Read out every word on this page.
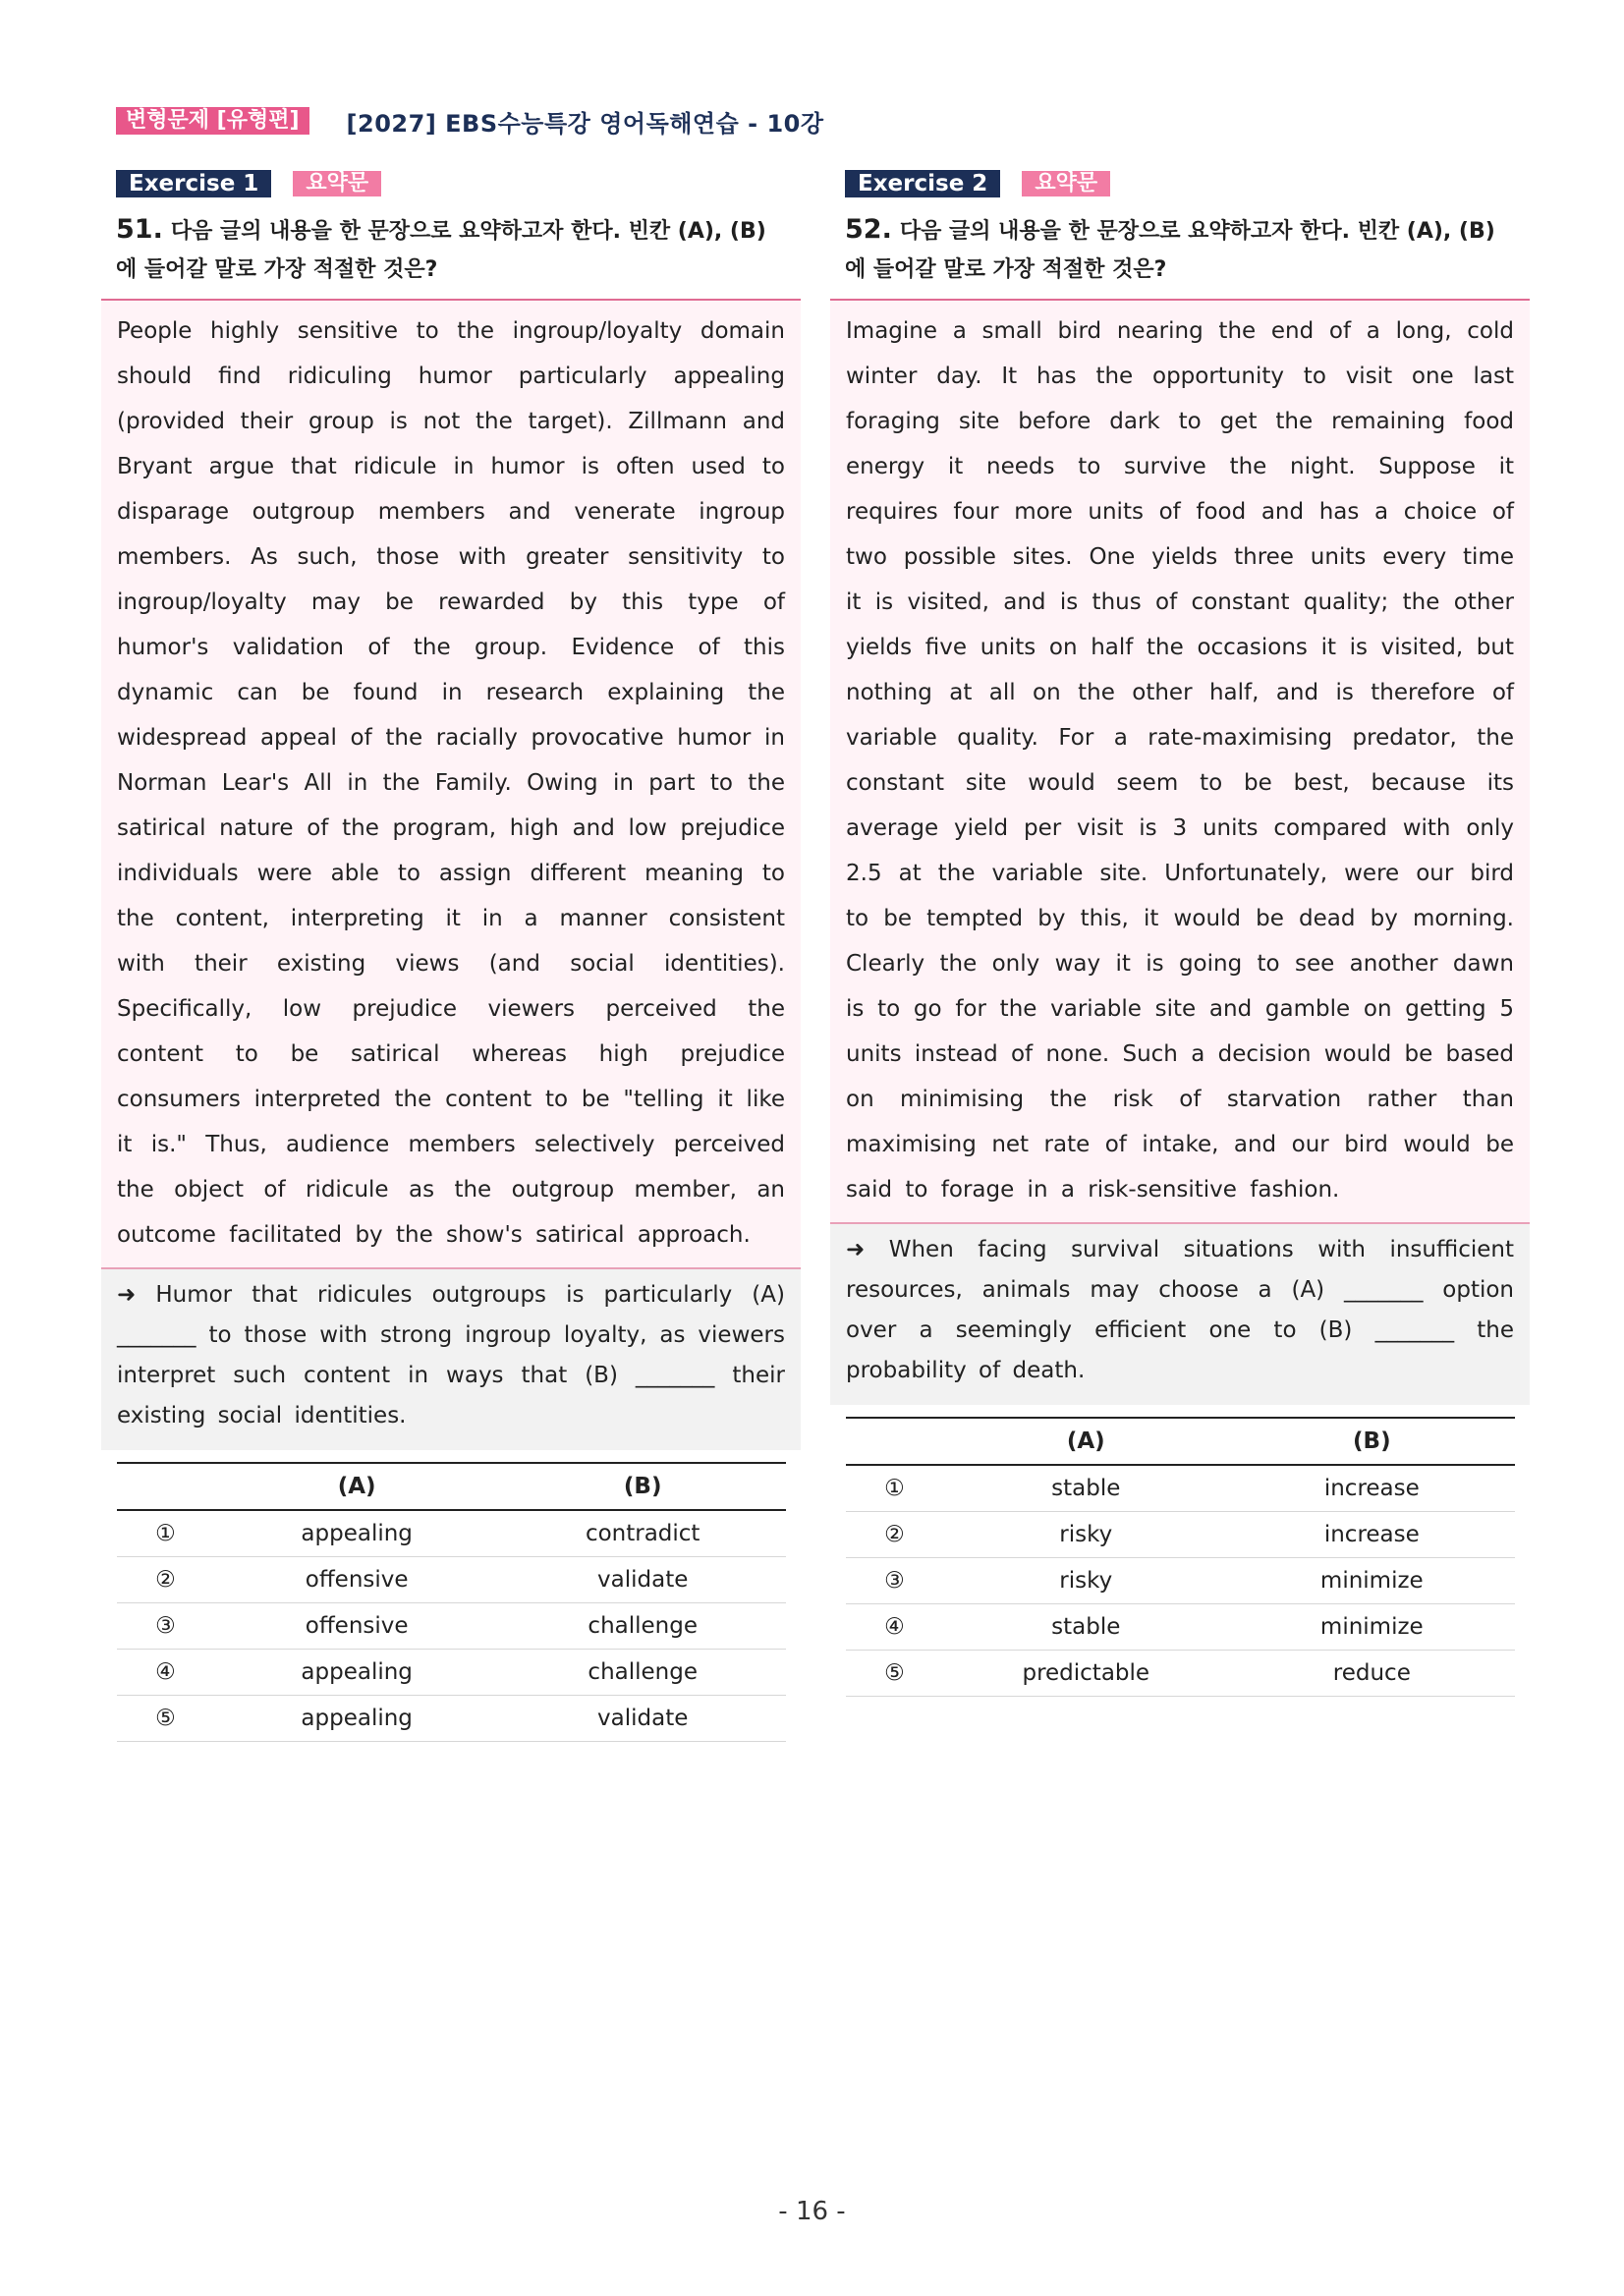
변형문제 [유형편]	[2027] EBS수능특강 영어독해연습 - 10강
Exercise 1	요약문
51. 다음 글의 내용을 한 문장으로 요약하고자 한다. 빈칸 (A), (B)에 들어갈 말로 가장 적절한 것은?
People highly sensitive to the ingroup/loyalty domain should find ridiculing humor particularly appealing (provided their group is not the target). Zillmann and Bryant argue that ridicule in humor is often used to disparage outgroup members and venerate ingroup members. As such, those with greater sensitivity to ingroup/loyalty may be rewarded by this type of humor's validation of the group. Evidence of this dynamic can be found in research explaining the widespread appeal of the racially provocative humor in Norman Lear's All in the Family. Owing in part to the satirical nature of the program, high and low prejudice individuals were able to assign different meaning to the content, interpreting it in a manner consistent with their existing views (and social identities). Specifically, low prejudice viewers perceived the content to be satirical whereas high prejudice consumers interpreted the content to be "telling it like it is." Thus, audience members selectively perceived the object of ridicule as the outgroup member, an outcome facilitated by the show's satirical approach.
➜ Humor that ridicules outgroups is particularly (A) _______ to those with strong ingroup loyalty, as viewers interpret such content in ways that (B) _______ their existing social identities.
	(A)	(B)
①	appealing	contradict
②	offensive	validate
③	offensive	challenge
④	appealing	challenge
⑤	appealing	validate
Exercise 2	요약문
52. 다음 글의 내용을 한 문장으로 요약하고자 한다. 빈칸 (A), (B)에 들어갈 말로 가장 적절한 것은?
Imagine a small bird nearing the end of a long, cold winter day. It has the opportunity to visit one last foraging site before dark to get the remaining food energy it needs to survive the night. Suppose it requires four more units of food and has a choice of two possible sites. One yields three units every time it is visited, and is thus of constant quality; the other yields five units on half the occasions it is visited, but nothing at all on the other half, and is therefore of variable quality. For a rate-maximising predator, the constant site would seem to be best, because its average yield per visit is 3 units compared with only 2.5 at the variable site. Unfortunately, were our bird to be tempted by this, it would be dead by morning. Clearly the only way it is going to see another dawn is to go for the variable site and gamble on getting 5 units instead of none. Such a decision would be based on minimising the risk of starvation rather than maximising net rate of intake, and our bird would be said to forage in a risk-sensitive fashion.
➜ When facing survival situations with insufficient resources, animals may choose a (A) _______ option over a seemingly efficient one to (B) _______ the probability of death.
	(A)	(B)
①	stable	increase
②	risky	increase
③	risky	minimize
④	stable	minimize
⑤	predictable	reduce
- 16 -
